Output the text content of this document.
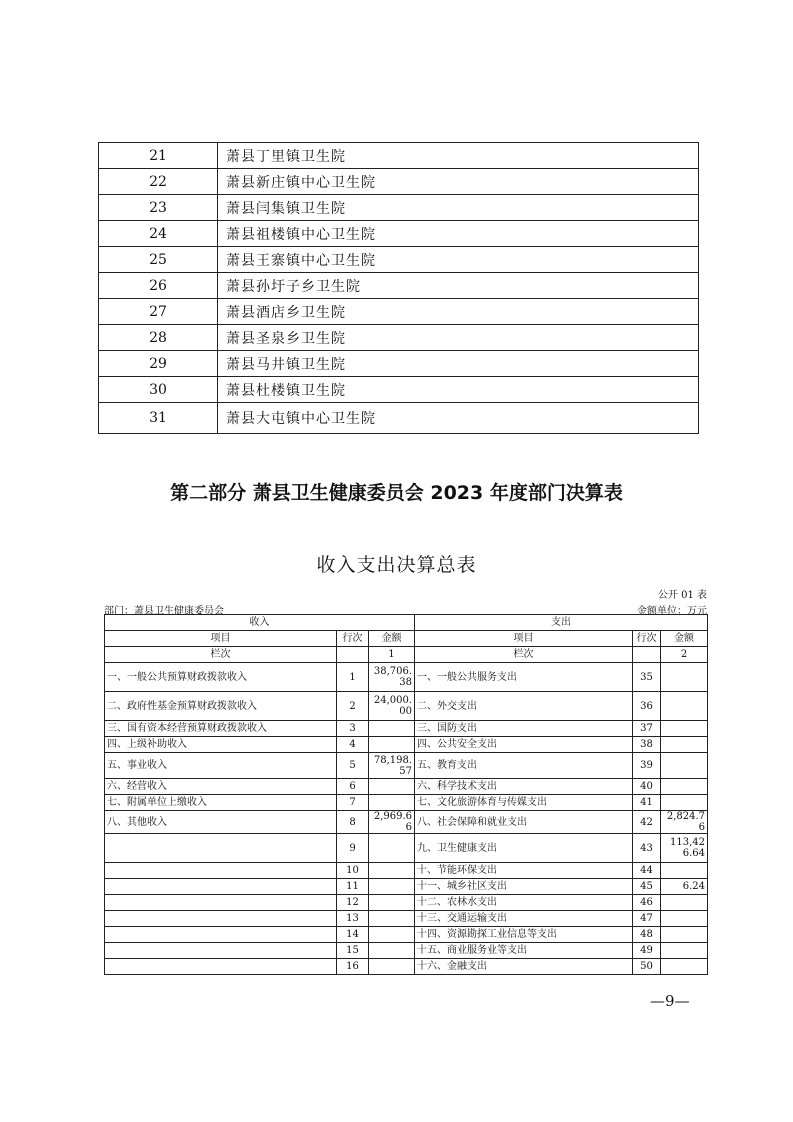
21	萧县丁里镇卫生院
22	萧县新庄镇中心卫生院
23	萧县闫集镇卫生院
24	萧县祖楼镇中心卫生院
25	萧县王寨镇中心卫生院
26	萧县孙圩子乡卫生院
27	萧县酒店乡卫生院
28	萧县圣泉乡卫生院
29	萧县马井镇卫生院
30	萧县杜楼镇卫生院
31	萧县大屯镇中心卫生院
第二部分 萧县卫生健康委员会 2023 年度部门决算表
收入支出决算总表
公开 01 表
部门：萧县卫生健康委员会	金额单位：万元
收入			支出		
项目	行次	金额	项目	行次	金额
栏次		1	栏次		2
一、一般公共预算财政拨款收入	1	38,706.38	一、一般公共服务支出	35	
二、政府性基金预算财政拨款收入	2	24,000.00	二、外交支出	36	
三、国有资本经营预算财政拨款收入	3		三、国防支出	37	
四、上级补助收入	4		四、公共安全支出	38	
五、事业收入	5	78,198.57	五、教育支出	39	
六、经营收入	6		六、科学技术支出	40	
七、附属单位上缴收入	7		七、文化旅游体育与传媒支出	41	
八、其他收入	8	2,969.66	八、社会保障和就业支出	42	2,824.76
	9		九、卫生健康支出	43	113,426.64
	10		十、节能环保支出	44	
	11		十一、城乡社区支出	45	6.24
	12		十二、农林水支出	46	
	13		十三、交通运输支出	47	
	14		十四、资源勘探工业信息等支出	48	
	15		十五、商业服务业等支出	49	
	16		十六、金融支出	50	
—9—
